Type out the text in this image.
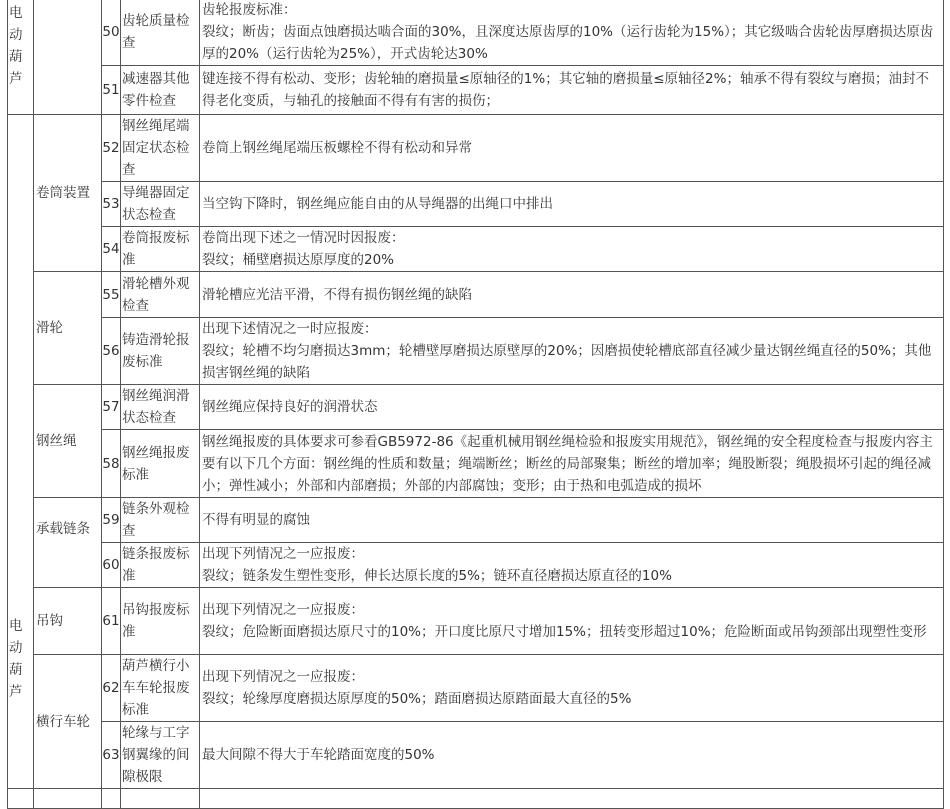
电动葫芦		50	齿轮质量检查	齿轮报废标准：
裂纹；断齿；齿面点蚀磨损达啮合面的30%，且深度达原齿厚的10%（运行齿轮为15%）；其它级啮合齿轮齿厚磨损达原齿厚的20%（运行齿轮为25%），开式齿轮达30%

		51	减速器其他零件检查	键连接不得有松动、变形；齿轮轴的磨损量≤原轴径的1%；其它轴的磨损量≤原轴径2%；轴承不得有裂纹与磨损；油封不得老化变质，与轴孔的接触面不得有有害的损伤；
电动葫芦	卷筒装置	52	钢丝绳尾端固定状态检查	卷筒上钢丝绳尾端压板螺栓不得有松动和异常
		53	导绳器固定状态检查	当空钩下降时，钢丝绳应能自由的从导绳器的出绳口中排出
		54	卷筒报废标准	卷筒出现下述之一情况时因报废：
裂纹；桶壁磨损达原厚度的20%

	滑轮	55	滑轮槽外观检查	滑轮槽应光洁平滑，不得有损伤钢丝绳的缺陷
		56	铸造滑轮报废标准	出现下述情况之一时应报废：
裂纹；轮槽不均匀磨损达3mm；轮槽壁厚磨损达原壁厚的20%；因磨损使轮槽底部直径减少量达钢丝绳直径的50%；其他损害钢丝绳的缺陷

	钢丝绳	57	钢丝绳润滑状态检查	钢丝绳应保持良好的润滑状态
		58	钢丝绳报废标准	钢丝绳报废的具体要求可参看GB5972-86《起重机械用钢丝绳检验和报废实用规范》，钢丝绳的安全程度检查与报废内容主要有以下几个方面：钢丝绳的性质和数量；绳端断丝；断丝的局部聚集；断丝的增加率；绳股断裂；绳股损坏引起的绳径减小；弹性减小；外部和内部磨损；外部的内部腐蚀；变形；由于热和电弧造成的损坏
	承载链条	59	链条外观检查	不得有明显的腐蚀
		60	链条报废标准	出现下列情况之一应报废：
裂纹；链条发生塑性变形，伸长达原长度的5%；链环直径磨损达原直径的10%

	吊钩	61	吊钩报废标准	出现下列情况之一应报废：
裂纹；危险断面磨损达原尺寸的10%；开口度比原尺寸增加15%；扭转变形超过10%；危险断面或吊钩颈部出现塑性变形

	横行车轮	62	葫芦横行小车车轮报废标准	出现下列情况之一应报废：
裂纹；轮缘厚度磨损达原厚度的50%；踏面磨损达原踏面最大直径的5%

		63	轮缘与工字钢翼缘的间隙极限	最大间隙不得大于车轮踏面宽度的50%
